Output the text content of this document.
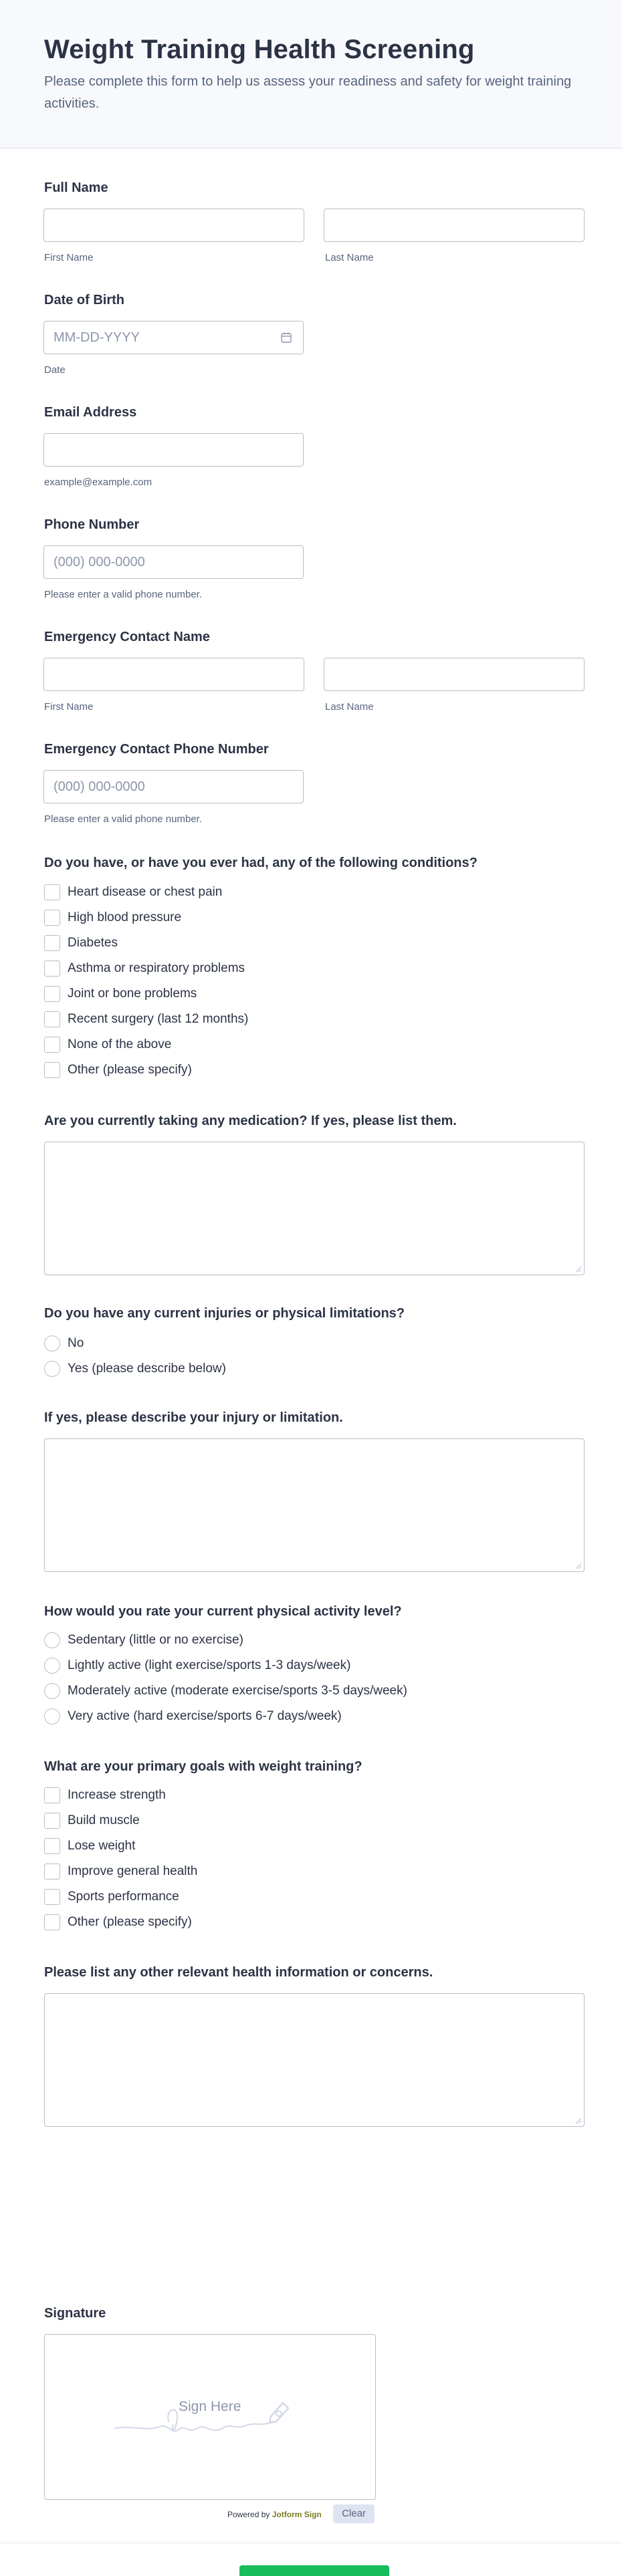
Weight Training Health Screening

Please complete this form to help us assess your readiness and safety for weight training activities.

Full Name
First Name	Last Name
Date of Birth
MM-DD-YYYY
Date
Email Address
example@example.com
Phone Number
(000) 000-0000
Please enter a valid phone number.
Emergency Contact Name
First Name	Last Name
Emergency Contact Phone Number
(000) 000-0000
Please enter a valid phone number.
Do you have, or have you ever had, any of the following conditions?
Heart disease or chest pain
High blood pressure
Diabetes
Asthma or respiratory problems
Joint or bone problems
Recent surgery (last 12 months)
None of the above
Other (please specify)
Are you currently taking any medication? If yes, please list them.
Do you have any current injuries or physical limitations?
No
Yes (please describe below)
If yes, please describe your injury or limitation.
How would you rate your current physical activity level?
Sedentary (little or no exercise)
Lightly active (light exercise/sports 1-3 days/week)
Moderately active (moderate exercise/sports 3-5 days/week)
Very active (hard exercise/sports 6-7 days/week)
What are your primary goals with weight training?
Increase strength
Build muscle
Lose weight
Improve general health
Sports performance
Other (please specify)
Please list any other relevant health information or concerns.
Signature
Sign Here
Powered by Jotform Sign	Clear
